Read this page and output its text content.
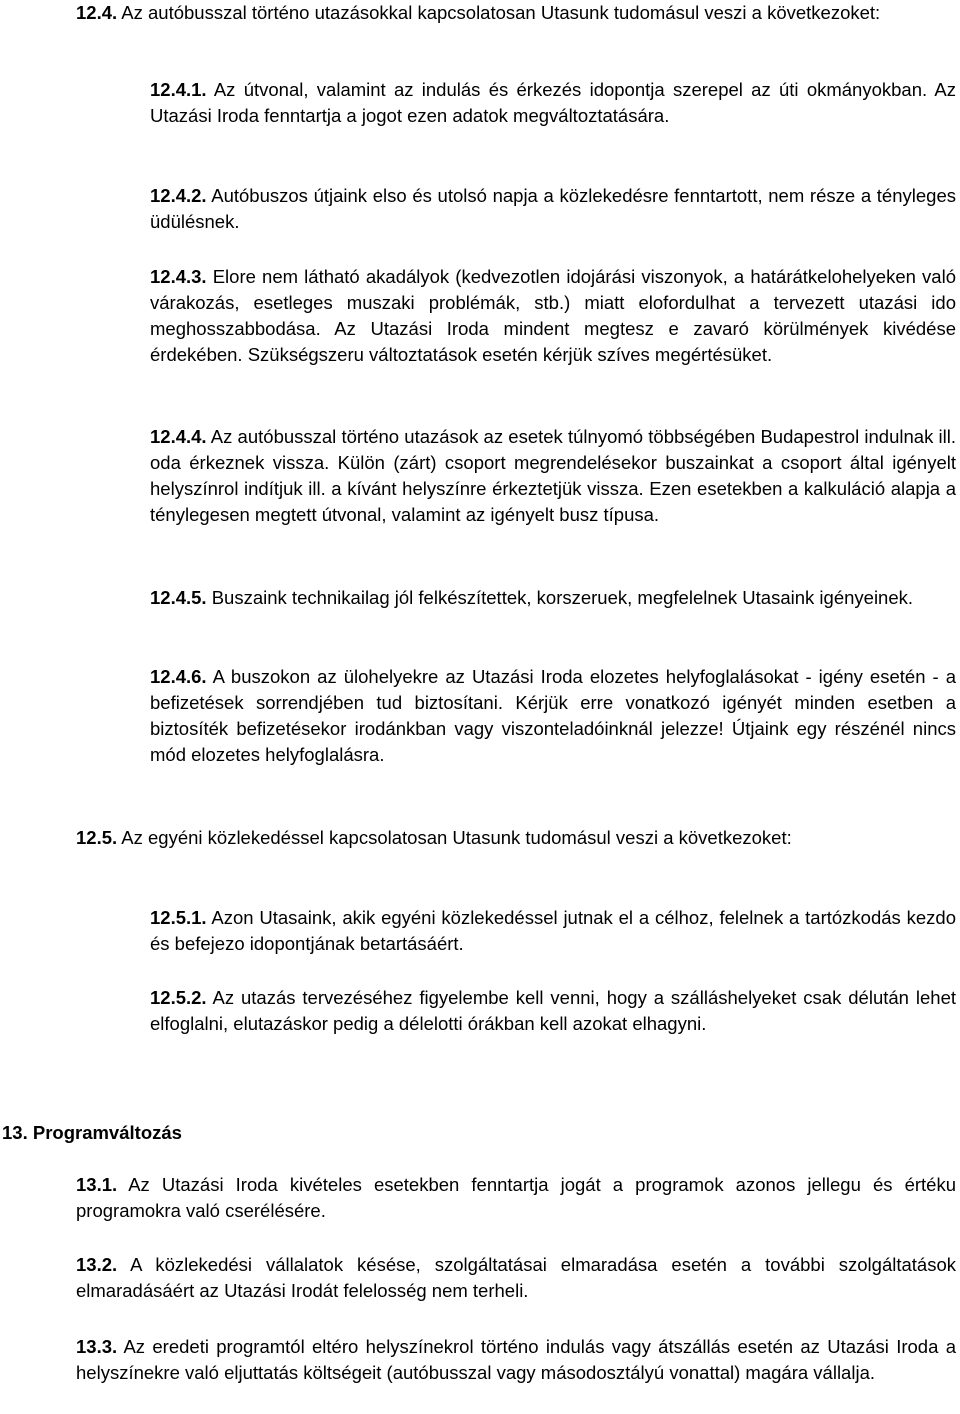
12.4. Az autóbusszal történo utazásokkal kapcsolatosan Utasunk tudomásul veszi a következoket:

12.4.1. Az útvonal, valamint az indulás és érkezés idopontja szerepel az úti okmányokban. Az Utazási Iroda fenntartja a jogot ezen adatok megváltoztatására.

12.4.2. Autóbuszos útjaink elso és utolsó napja a közlekedésre fenntartott, nem része a tényleges üdülésnek.

12.4.3. Elore nem látható akadályok (kedvezotlen idojárási viszonyok, a határátkelohelyeken való várakozás, esetleges muszaki problémák, stb.) miatt elofordulhat a tervezett utazási ido meghosszabbodása. Az Utazási Iroda mindent megtesz e zavaró körülmények kivédése érdekében. Szükségszeru változtatások esetén kérjük szíves megértésüket.

12.4.4. Az autóbusszal történo utazások az esetek túlnyomó többségében Budapestrol indulnak ill. oda érkeznek vissza. Külön (zárt) csoport megrendelésekor buszainkat a csoport által igényelt helyszínrol indítjuk ill. a kívánt helyszínre érkeztetjük vissza. Ezen esetekben a kalkuláció alapja a ténylegesen megtett útvonal, valamint az igényelt busz típusa.

12.4.5. Buszaink technikailag jól felkészítettek, korszeruek, megfelelnek Utasaink igényeinek.

12.4.6. A buszokon az ülohelyekre az Utazási Iroda elozetes helyfoglalásokat - igény esetén - a befizetések sorrendjében tud biztosítani. Kérjük erre vonatkozó igényét minden esetben a biztosíték befizetésekor irodánkban vagy viszonteladóinknál jelezze! Útjaink egy részénél nincs mód elozetes helyfoglalásra.

12.5. Az egyéni közlekedéssel kapcsolatosan Utasunk tudomásul veszi a következoket:

12.5.1. Azon Utasaink, akik egyéni közlekedéssel jutnak el a célhoz, felelnek a tartózkodás kezdo és befejezo idopontjának betartásáért.

12.5.2. Az utazás tervezéséhez figyelembe kell venni, hogy a szálláshelyeket csak délután lehet elfoglalni, elutazáskor pedig a délelotti órákban kell azokat elhagyni.

13. Programváltozás

13.1. Az Utazási Iroda kivételes esetekben fenntartja jogát a programok azonos jellegu és értéku programokra való cserélésére.

13.2. A közlekedési vállalatok késése, szolgáltatásai elmaradása esetén a további szolgáltatások elmaradásáért az Utazási Irodát felelosség nem terheli.

13.3. Az eredeti programtól eltéro helyszínekrol történo indulás vagy átszállás esetén az Utazási Iroda a helyszínekre való eljuttatás költségeit (autóbusszal vagy másodosztályú vonattal) magára vállalja.
